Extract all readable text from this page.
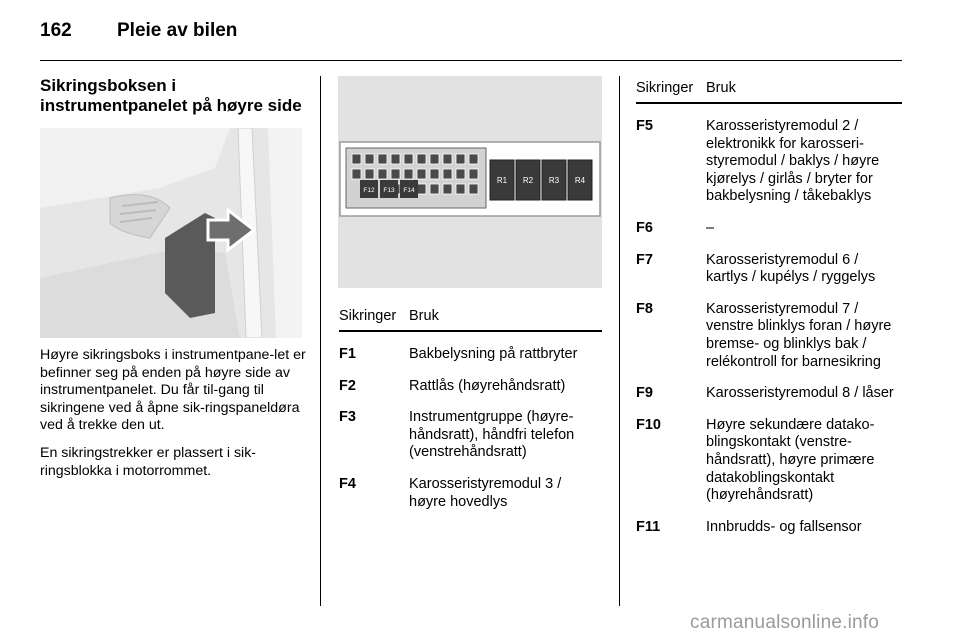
162 Pleie av bilen
Sikringsboksen i
instrumentpanelet på høyre side

Høyre sikringsboks i instrumentpane-let er befinner seg på enden på høyre side av instrumentpanelet. Du får til-gang til sikringene ved å åpne sik-ringspaneldøra ved å trekke den ut.

En sikringstrekker er plassert i sik-ringsblokka i motorrommet.

F12 F13 F14
R1 R2 R3 R4
Sikringer Bruk
F1	Bakbelysning på rattbryter
F2	Rattlås (høyrehåndsratt)
F3	Instrumentgruppe (høyre-håndsratt), håndfri telefon (venstrehåndsratt)
F4	Karosseristyremodul 3 / høyre hovedlys
Sikringer Bruk
F5	Karosseristyremodul 2 / elektronikk for karosseri-styremodul / baklys / høyre kjørelys / girlås / bryter for bakbelysning / tåkebaklys
F6	–
F7	Karosseristyremodul 6 / kartlys / kupélys / ryggelys
F8	Karosseristyremodul 7 / venstre blinklys foran / høyre bremse- og blinklys bak / relékontroll for barnesikring
F9	Karosseristyremodul 8 / låser
F10	Høyre sekundære datako-blingskontakt (venstre-håndsratt), høyre primære datakoblingskontakt (høyrehåndsratt)
F11	Innbrudds- og fallsensor
carmanualsonline.info
